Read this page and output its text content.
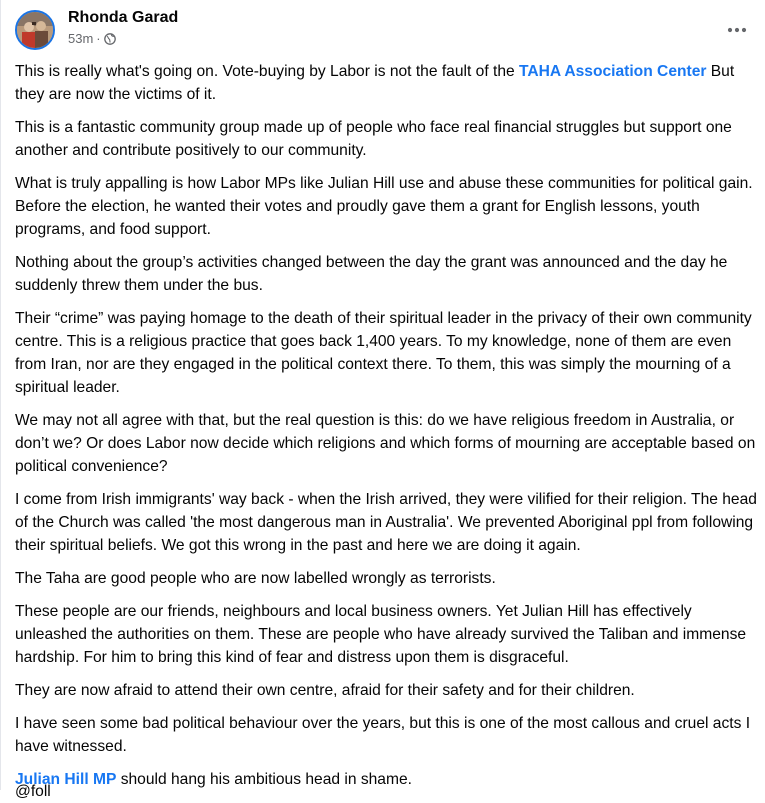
Rhonda Garad
53m ·

This is really what's going on. Vote-buying by Labor is not the fault of the TAHA Association Center But they are now the victims of it.

This is a fantastic community group made up of people who face real financial struggles but support one another and contribute positively to our community.

What is truly appalling is how Labor MPs like Julian Hill use and abuse these communities for political gain. Before the election, he wanted their votes and proudly gave them a grant for English lessons, youth programs, and food support.

Nothing about the group’s activities changed between the day the grant was announced and the day he suddenly threw them under the bus.

Their “crime” was paying homage to the death of their spiritual leader in the privacy of their own community centre. This is a religious practice that goes back 1,400 years. To my knowledge, none of them are even from Iran, nor are they engaged in the political context there. To them, this was simply the mourning of a spiritual leader.

We may not all agree with that, but the real question is this: do we have religious freedom in Australia, or don’t we? Or does Labor now decide which religions and which forms of mourning are acceptable based on political convenience?

I come from Irish immigrants' way back - when the Irish arrived, they were vilified for their religion. The head of the Church was called 'the most dangerous man in Australia'. We prevented Aboriginal ppl from following their spiritual beliefs. We got this wrong in the past and here we are doing it again.

The Taha are good people who are now labelled wrongly as terrorists.

These people are our friends, neighbours and local business owners. Yet Julian Hill has effectively unleashed the authorities on them. These are people who have already survived the Taliban and immense hardship. For him to bring this kind of fear and distress upon them is disgraceful.

They are now afraid to attend their own centre, afraid for their safety and for their children.

I have seen some bad political behaviour over the years, but this is one of the most callous and cruel acts I have witnessed.

Julian Hill MP should hang his ambitious head in shame.

@foll
